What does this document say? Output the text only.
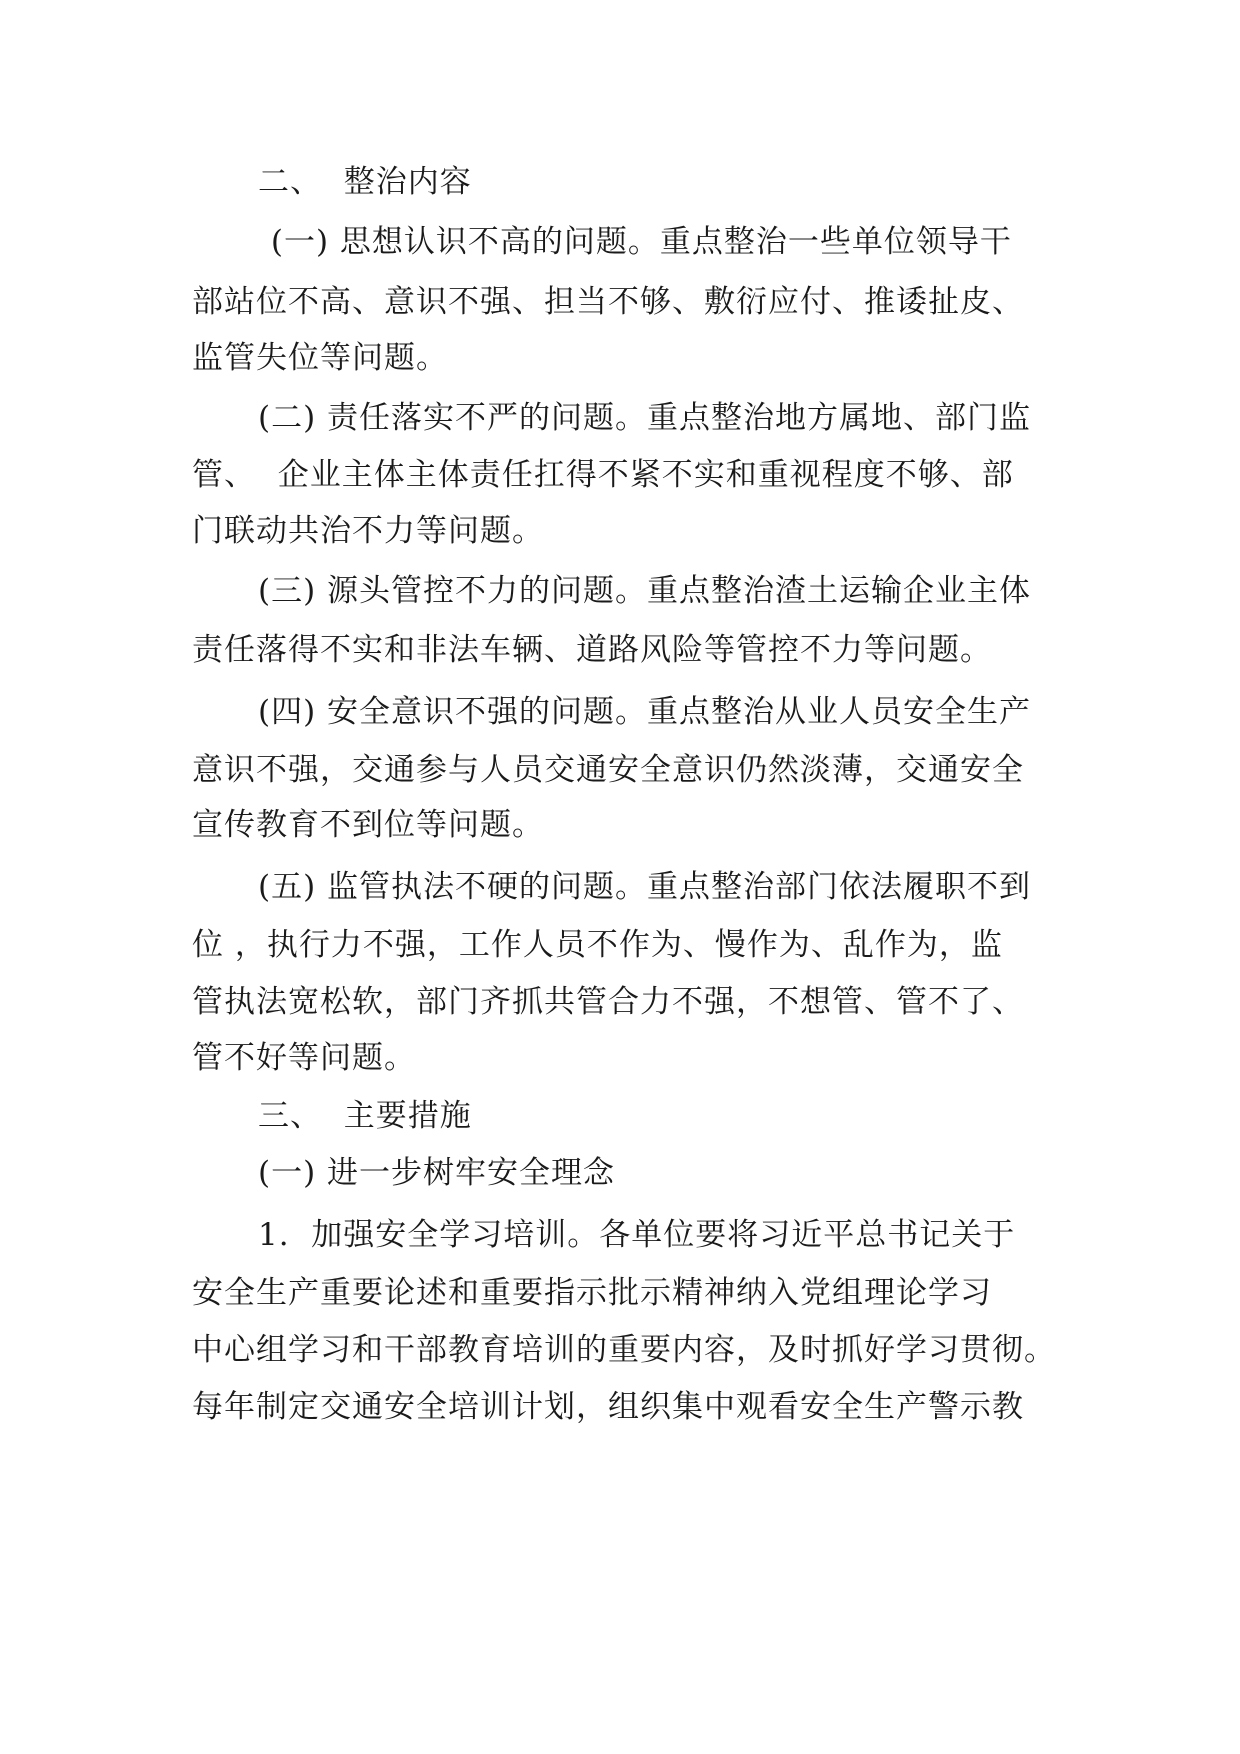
二、  整治内容
(一) 思想认识不高的问题。重点整治一些单位领导干
部站位不高、意识不强、担当不够、敷衍应付、推诿扯皮、
监管失位等问题。
(二) 责任落实不严的问题。重点整治地方属地、部门监
管、  企业主体主体责任扛得不紧不实和重视程度不够、部
门联动共治不力等问题。
(三) 源头管控不力的问题。重点整治渣土运输企业主体
责任落得不实和非法车辆、道路风险等管控不力等问题。
(四) 安全意识不强的问题。重点整治从业人员安全生产
意识不强，交通参与人员交通安全意识仍然淡薄，交通安全
宣传教育不到位等问题。
(五) 监管执法不硬的问题。重点整治部门依法履职不到
位 ，执行力不强，工作人员不作为、慢作为、乱作为，监
管执法宽松软，部门齐抓共管合力不强，不想管、管不了、
管不好等问题。
三、  主要措施
(一) 进一步树牢安全理念
1.  加强安全学习培训。各单位要将习近平总书记关于
安全生产重要论述和重要指示批示精神纳入党组理论学习
中心组学习和干部教育培训的重要内容，及时抓好学习贯彻。
每年制定交通安全培训计划，组织集中观看安全生产警示教
